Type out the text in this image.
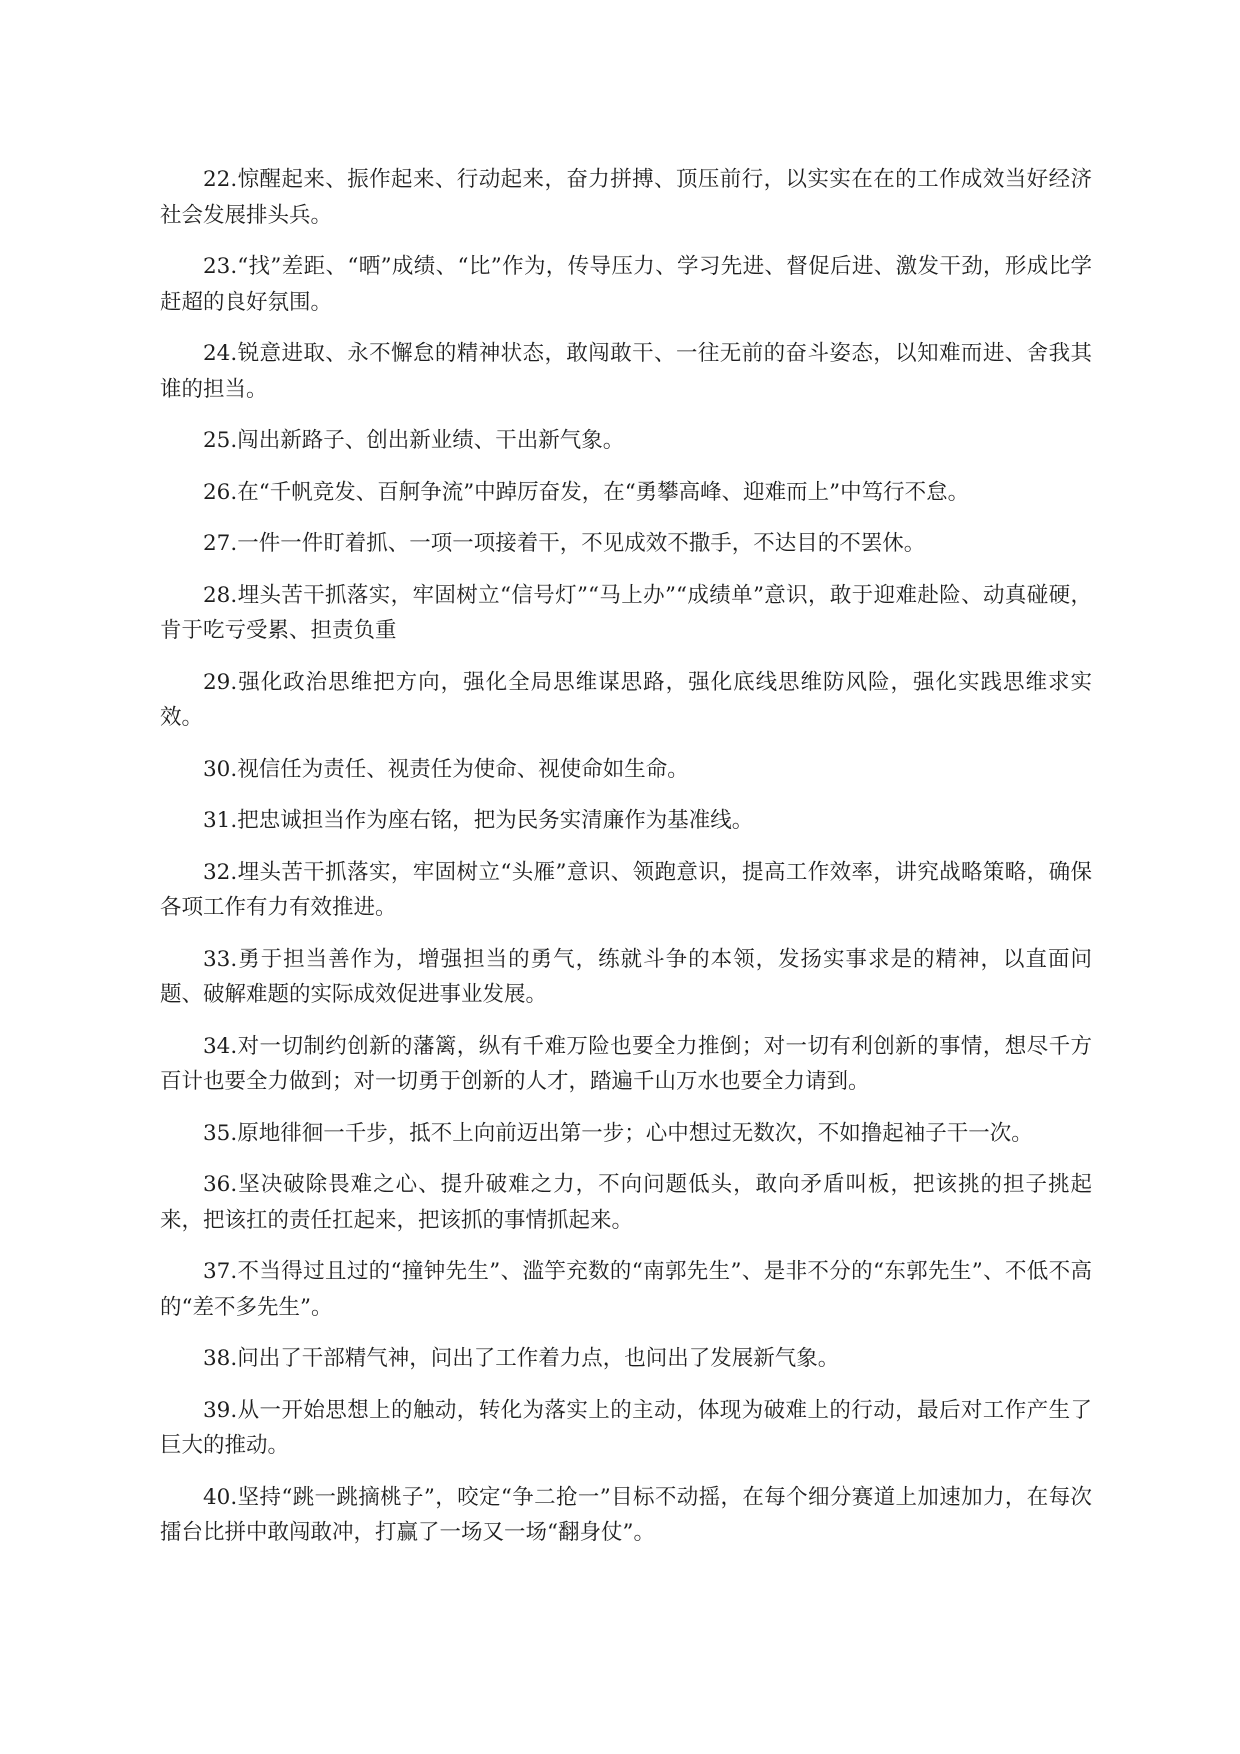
22.惊醒起来、振作起来、行动起来，奋力拼搏、顶压前行，以实实在在的工作成效当好经济社会发展排头兵。

23.“找”差距、“晒”成绩、“比”作为，传导压力、学习先进、督促后进、激发干劲，形成比学赶超的良好氛围。

24.锐意进取、永不懈怠的精神状态，敢闯敢干、一往无前的奋斗姿态，以知难而进、舍我其谁的担当。

25.闯出新路子、创出新业绩、干出新气象。

26.在“千帆竞发、百舸争流”中踔厉奋发，在“勇攀高峰、迎难而上”中笃行不怠。

27.一件一件盯着抓、一项一项接着干，不见成效不撒手，不达目的不罢休。

28.埋头苦干抓落实，牢固树立“信号灯”“马上办”“成绩单”意识，敢于迎难赴险、动真碰硬，肯于吃亏受累、担责负重

29.强化政治思维把方向，强化全局思维谋思路，强化底线思维防风险，强化实践思维求实效。

30.视信任为责任、视责任为使命、视使命如生命。

31.把忠诚担当作为座右铭，把为民务实清廉作为基准线。

32.埋头苦干抓落实，牢固树立“头雁”意识、领跑意识，提高工作效率，讲究战略策略，确保各项工作有力有效推进。

33.勇于担当善作为，增强担当的勇气，练就斗争的本领，发扬实事求是的精神，以直面问题、破解难题的实际成效促进事业发展。

34.对一切制约创新的藩篱，纵有千难万险也要全力推倒；对一切有利创新的事情，想尽千方百计也要全力做到；对一切勇于创新的人才，踏遍千山万水也要全力请到。

35.原地徘徊一千步，抵不上向前迈出第一步；心中想过无数次，不如撸起袖子干一次。

36.坚决破除畏难之心、提升破难之力，不向问题低头，敢向矛盾叫板，把该挑的担子挑起来，把该扛的责任扛起来，把该抓的事情抓起来。

37.不当得过且过的“撞钟先生”、滥竽充数的“南郭先生”、是非不分的“东郭先生”、不低不高的“差不多先生”。

38.问出了干部精气神，问出了工作着力点，也问出了发展新气象。

39.从一开始思想上的触动，转化为落实上的主动，体现为破难上的行动，最后对工作产生了巨大的推动。

40.坚持“跳一跳摘桃子”，咬定“争二抢一”目标不动摇，在每个细分赛道上加速加力，在每次擂台比拼中敢闯敢冲，打赢了一场又一场“翻身仗”。
